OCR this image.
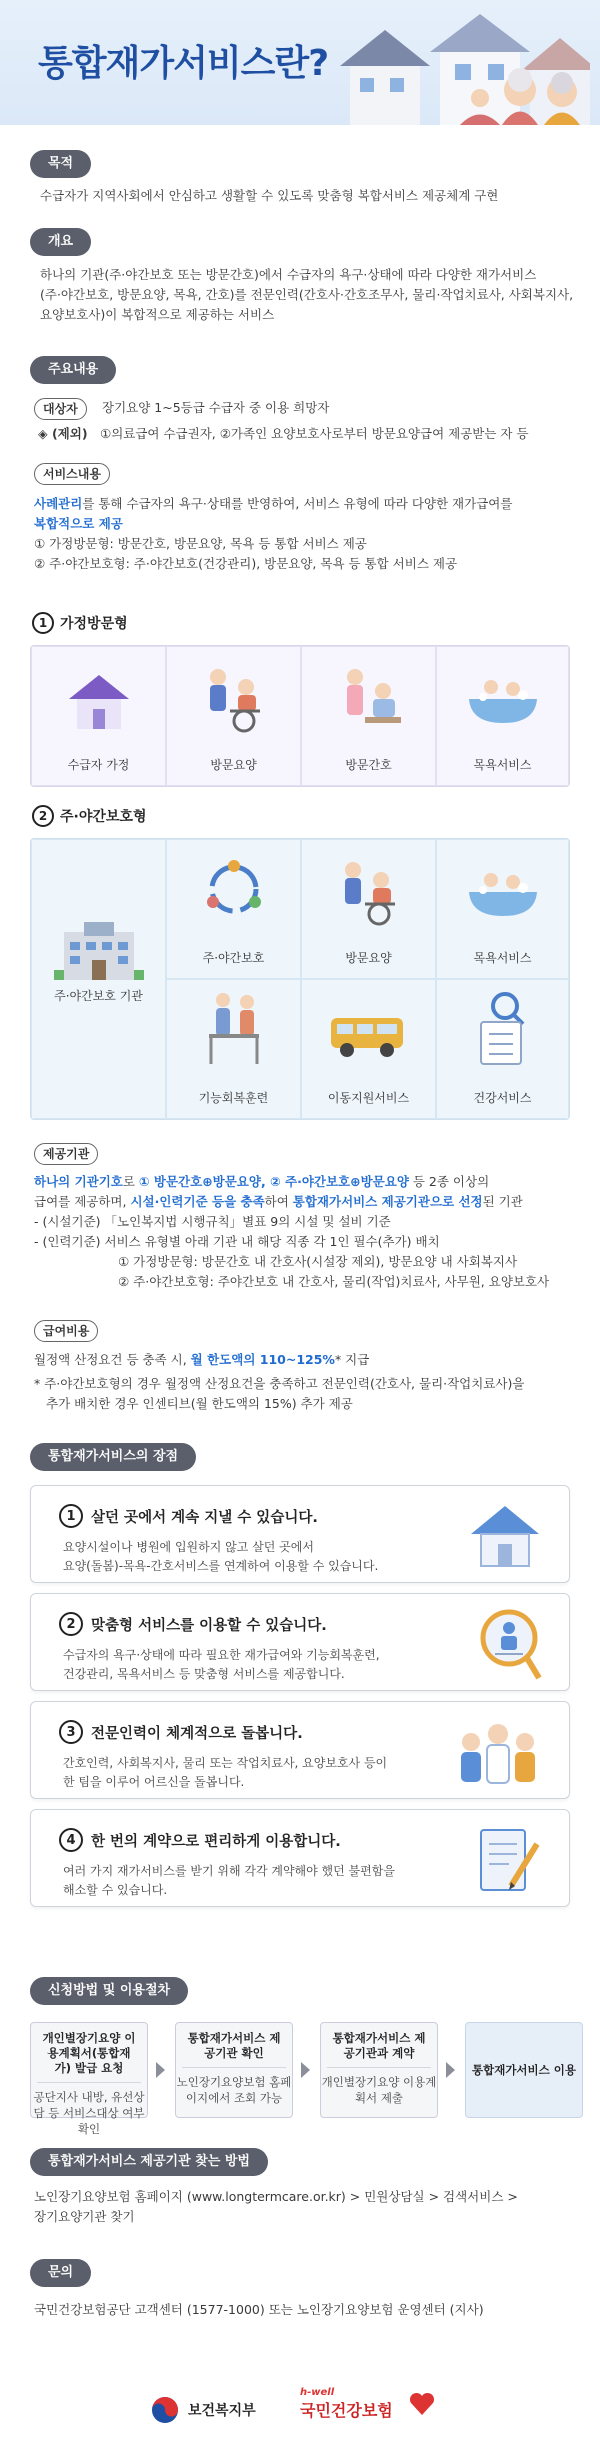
통합재가서비스란?
목적
수급자가 지역사회에서 안심하고 생활할 수 있도록 맞춤형 복합서비스 제공체계 구현
개요
하나의 기관(주·야간보호 또는 방문간호)에서 수급자의 욕구·상태에 따라 다양한 재가서비스
(주·야간보호, 방문요양, 목욕, 간호)를 전문인력(간호사·간호조무사, 물리·작업치료사, 사회복지사,
요양보호사)이 복합적으로 제공하는 서비스
주요내용
대상자	장기요양 1~5등급 수급자 중 이용 희망자
◈ (제외) ①의료급여 수급권자, ②가족인 요양보호사로부터 방문요양급여 제공받는 자 등
서비스내용
사례관리를 통해 수급자의 욕구·상태를 반영하여, 서비스 유형에 따라 다양한 재가급여를
복합적으로 제공
① 가정방문형: 방문간호, 방문요양, 목욕 등 통합 서비스 제공
② 주·야간보호형: 주·야간보호(건강관리), 방문요양, 목욕 등 통합 서비스 제공
1 가정방문형
수급자 가정	방문요양	방문간호	목욕서비스
2 주·야간보호형
주·야간보호 기관
주·야간보호	방문요양	목욕서비스
기능회복훈련	이동지원서비스	건강서비스
제공기관
하나의 기관기호로 ① 방문간호⊕방문요양, ② 주·야간보호⊕방문요양 등 2종 이상의
급여를 제공하며, 시설·인력기준 등을 충족하여 통합재가서비스 제공기관으로 선정된 기관
- (시설기준) 「노인복지법 시행규칙」별표 9의 시설 및 설비 기준
- (인력기준) 서비스 유형별 아래 기관 내 해당 직종 각 1인 필수(추가) 배치
① 가정방문형: 방문간호 내 간호사(시설장 제외), 방문요양 내 사회복지사
② 주·야간보호형: 주야간보호 내 간호사, 물리(작업)치료사, 사무원, 요양보호사
급여비용
월정액 산정요건 등 충족 시, 월 한도액의 110~125%* 지급
* 주·야간보호형의 경우 월정액 산정요건을 충족하고 전문인력(간호사, 물리·작업치료사)을
추가 배치한 경우 인센티브(월 한도액의 15%) 추가 제공
통합재가서비스의 장점
1	살던 곳에서 계속 지낼 수 있습니다.
요양시설이나 병원에 입원하지 않고 살던 곳에서
요양(돌봄)-목욕-간호서비스를 연계하여 이용할 수 있습니다.
2	맞춤형 서비스를 이용할 수 있습니다.
수급자의 욕구·상태에 따라 필요한 재가급여와 기능회복훈련,
건강관리, 목욕서비스 등 맞춤형 서비스를 제공합니다.
3	전문인력이 체계적으로 돌봅니다.
간호인력, 사회복지사, 물리 또는 작업치료사, 요양보호사 등이
한 팀을 이루어 어르신을 돌봅니다.
4	한 번의 계약으로 편리하게 이용합니다.
여러 가지 재가서비스를 받기 위해 각각 계약해야 했던 불편함을
해소할 수 있습니다.
신청방법 및 이용절차
개인별장기요양 이용계획서(통합재가) 발급 요청
공단지사 내방, 유선상담 등 서비스대상 여부 확인
통합재가서비스 제공기관 확인
노인장기요양보험 홈페이지에서 조회 가능
통합재가서비스 제공기관과 계약
개인별장기요양 이용계획서 제출
통합재가서비스 이용
통합재가서비스 제공기관 찾는 방법
노인장기요양보험 홈페이지 (www.longtermcare.or.kr) > 민원상담실 > 검색서비스 >
장기요양기관 찾기
문의
국민건강보험공단 고객센터 (1577-1000) 또는 노인장기요양보험 운영센터 (지사)
보건복지부
h-well
국민건강보험
